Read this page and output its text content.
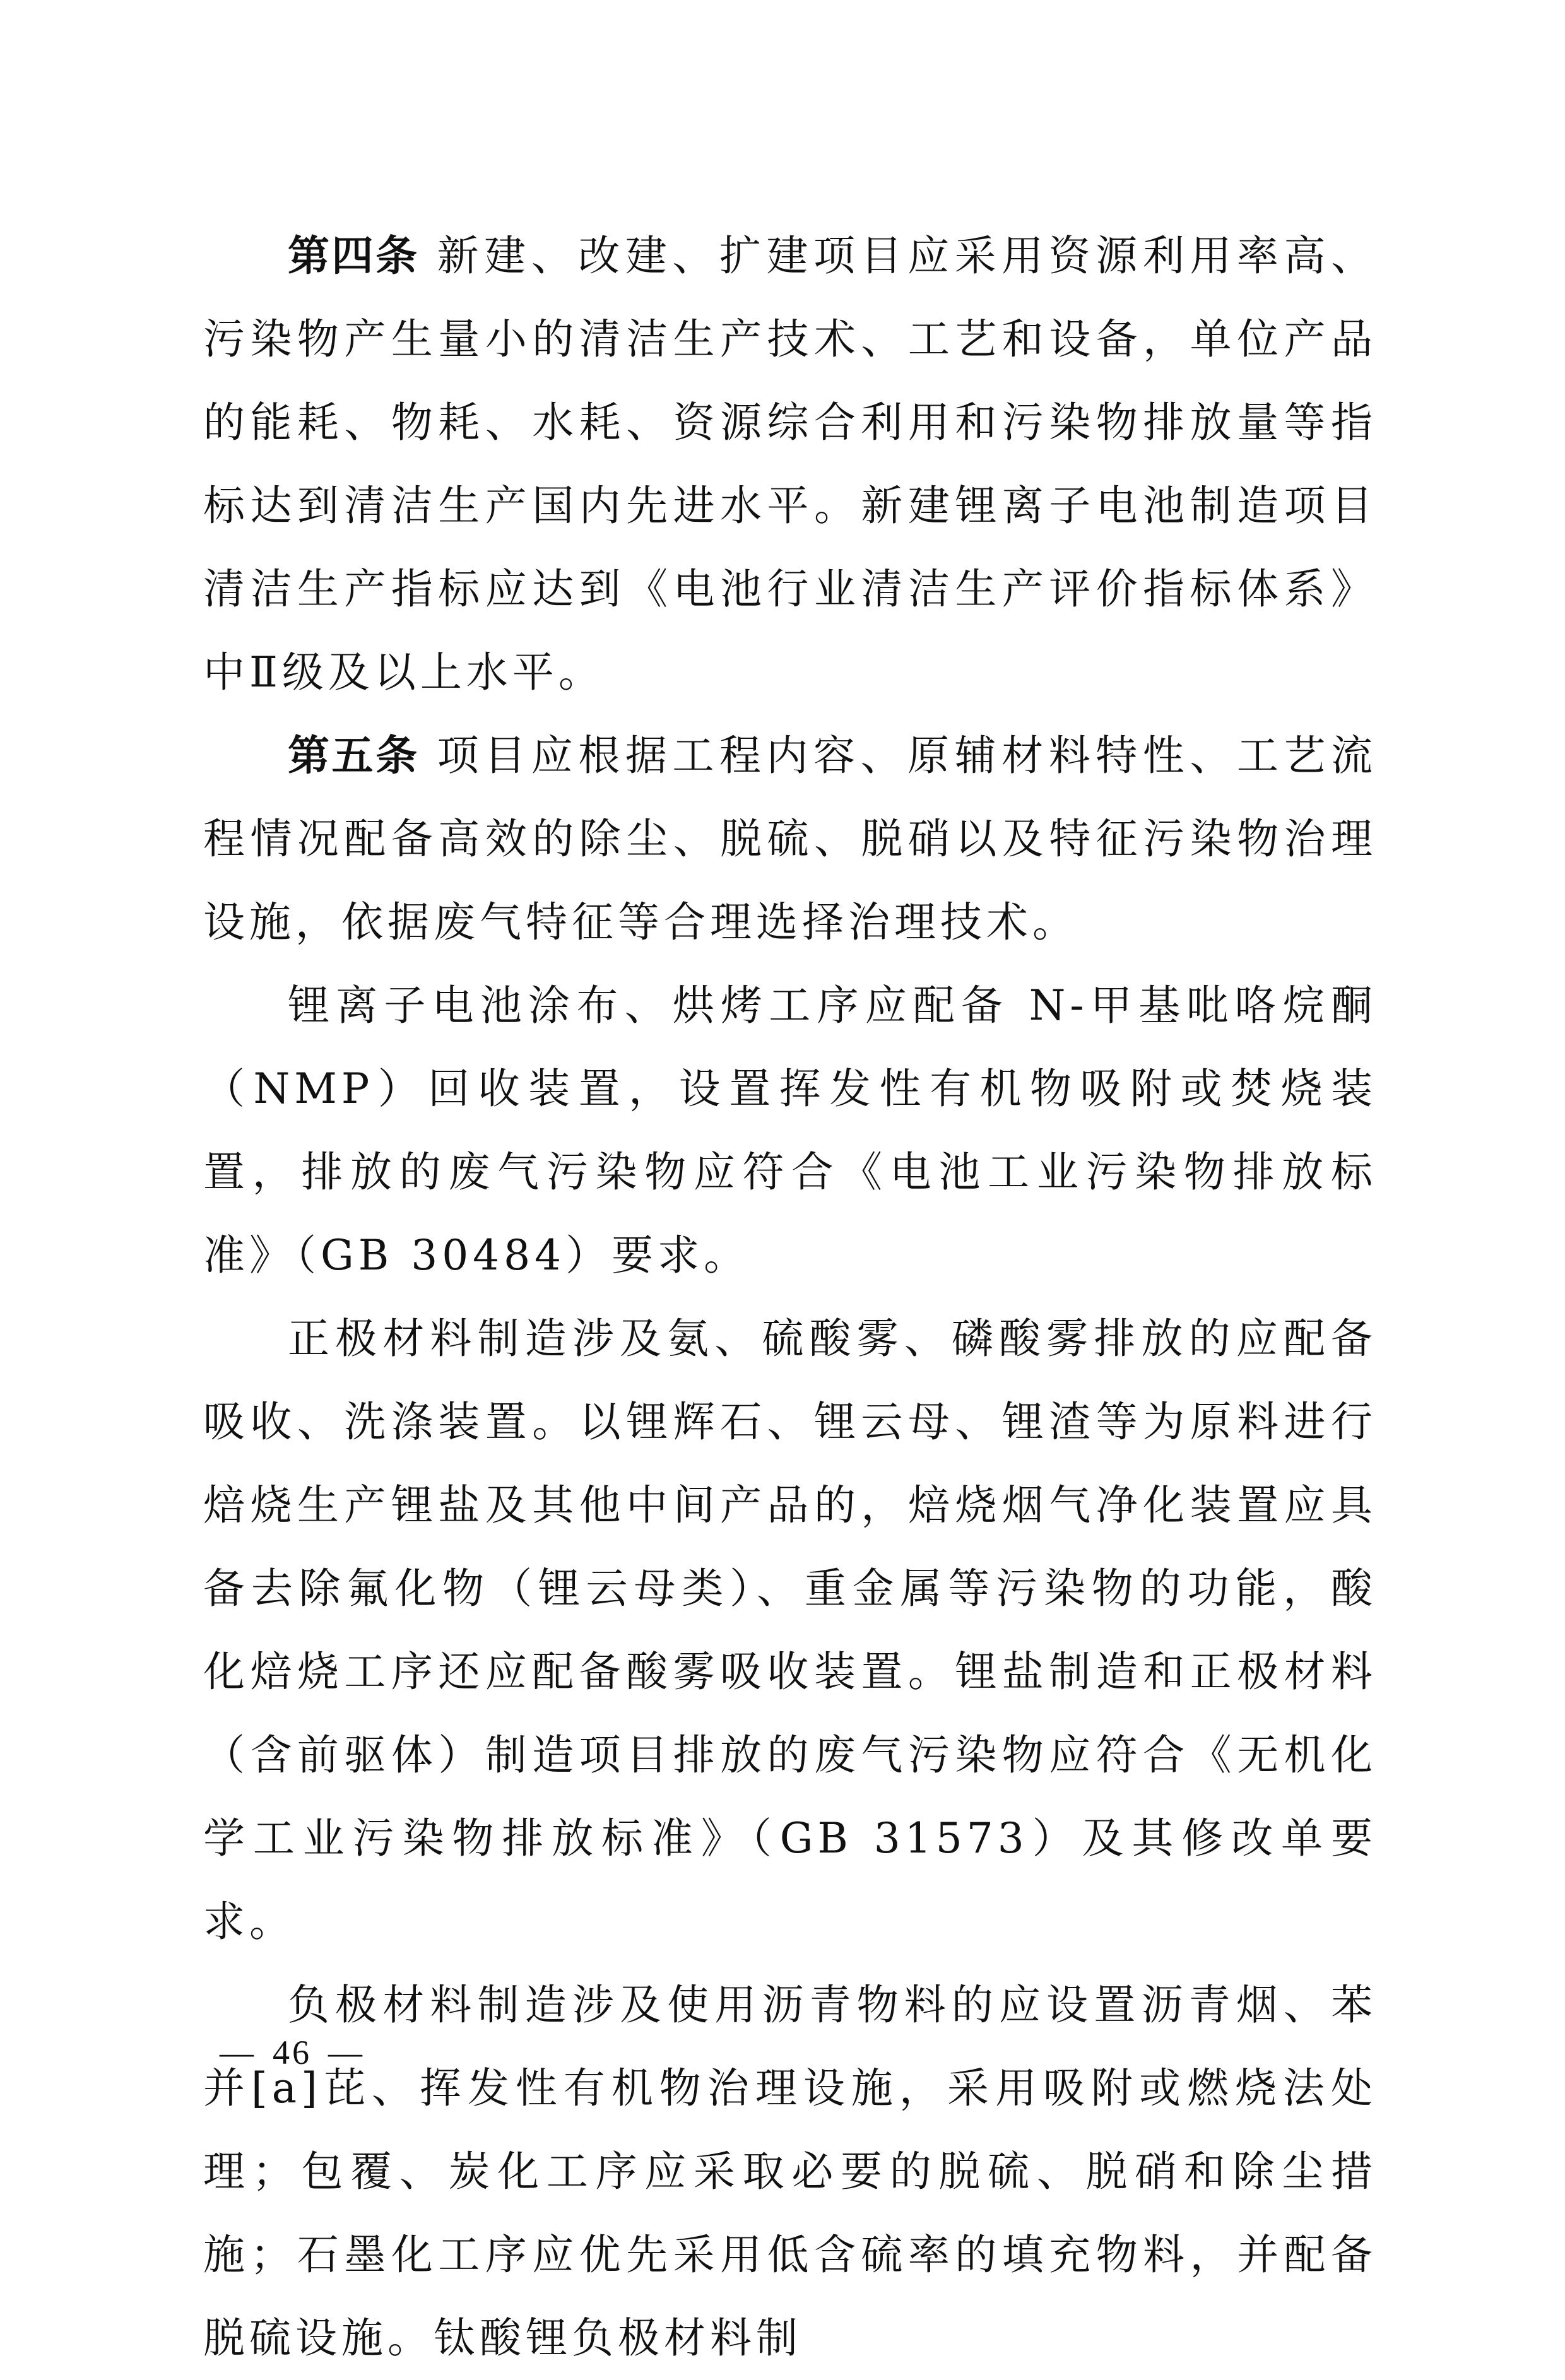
第四条 新建、改建、扩建项目应采用资源利用率高、污染物产生量小的清洁生产技术、工艺和设备，单位产品的能耗、物耗、水耗、资源综合利用和污染物排放量等指标达到清洁生产国内先进水平。新建锂离子电池制造项目清洁生产指标应达到《电池行业清洁生产评价指标体系》中Ⅱ级及以上水平。

第五条 项目应根据工程内容、原辅材料特性、工艺流程情况配备高效的除尘、脱硫、脱硝以及特征污染物治理设施，依据废气特征等合理选择治理技术。

锂离子电池涂布、烘烤工序应配备 N-甲基吡咯烷酮（NMP）回收装置，设置挥发性有机物吸附或焚烧装置，排放的废气污染物应符合《电池工业污染物排放标准》（GB 30484）要求。

正极材料制造涉及氨、硫酸雾、磷酸雾排放的应配备吸收、洗涤装置。以锂辉石、锂云母、锂渣等为原料进行焙烧生产锂盐及其他中间产品的，焙烧烟气净化装置应具备去除氟化物（锂云母类）、重金属等污染物的功能，酸化焙烧工序还应配备酸雾吸收装置。锂盐制造和正极材料（含前驱体）制造项目排放的废气污染物应符合《无机化学工业污染物排放标准》（GB 31573）及其修改单要求。

负极材料制造涉及使用沥青物料的应设置沥青烟、苯并[a]芘、挥发性有机物治理设施，采用吸附或燃烧法处理；包覆、炭化工序应采取必要的脱硫、脱硝和除尘措施；石墨化工序应优先采用低含硫率的填充物料，并配备脱硫设施。钛酸锂负极材料制

— 46 —
